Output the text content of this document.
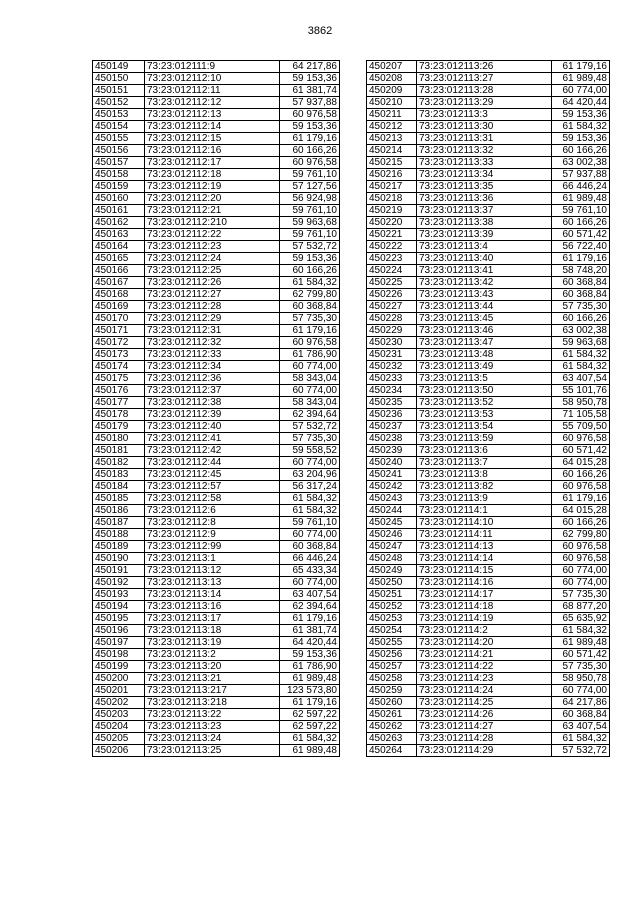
3862
450149	73:23:012111:9	64 217,86
450150	73:23:012112:10	59 153,36
450151	73:23:012112:11	61 381,74
450152	73:23:012112:12	57 937,88
450153	73:23:012112:13	60 976,58
450154	73:23:012112:14	59 153,36
450155	73:23:012112:15	61 179,16
450156	73:23:012112:16	60 166,26
450157	73:23:012112:17	60 976,58
450158	73:23:012112:18	59 761,10
450159	73:23:012112:19	57 127,56
450160	73:23:012112:20	56 924,98
450161	73:23:012112:21	59 761,10
450162	73:23:012112:210	59 963,68
450163	73:23:012112:22	59 761,10
450164	73:23:012112:23	57 532,72
450165	73:23:012112:24	59 153,36
450166	73:23:012112:25	60 166,26
450167	73:23:012112:26	61 584,32
450168	73:23:012112:27	62 799,80
450169	73:23:012112:28	60 368,84
450170	73:23:012112:29	57 735,30
450171	73:23:012112:31	61 179,16
450172	73:23:012112:32	60 976,58
450173	73:23:012112:33	61 786,90
450174	73:23:012112:34	60 774,00
450175	73:23:012112:36	58 343,04
450176	73:23:012112:37	60 774,00
450177	73:23:012112:38	58 343,04
450178	73:23:012112:39	62 394,64
450179	73:23:012112:40	57 532,72
450180	73:23:012112:41	57 735,30
450181	73:23:012112:42	59 558,52
450182	73:23:012112:44	60 774,00
450183	73:23:012112:45	63 204,96
450184	73:23:012112:57	56 317,24
450185	73:23:012112:58	61 584,32
450186	73:23:012112:6	61 584,32
450187	73:23:012112:8	59 761,10
450188	73:23:012112:9	60 774,00
450189	73:23:012112:99	60 368,84
450190	73:23:012113:1	66 446,24
450191	73:23:012113:12	65 433,34
450192	73:23:012113:13	60 774,00
450193	73:23:012113:14	63 407,54
450194	73:23:012113:16	62 394,64
450195	73:23:012113:17	61 179,16
450196	73:23:012113:18	61 381,74
450197	73:23:012113:19	64 420,44
450198	73:23:012113:2	59 153,36
450199	73:23:012113:20	61 786,90
450200	73:23:012113:21	61 989,48
450201	73:23:012113:217	123 573,80
450202	73:23:012113:218	61 179,16
450203	73:23:012113:22	62 597,22
450204	73:23:012113:23	62 597,22
450205	73:23:012113:24	61 584,32
450206	73:23:012113:25	61 989,48
450207	73:23:012113:26	61 179,16
450208	73:23:012113:27	61 989,48
450209	73:23:012113:28	60 774,00
450210	73:23:012113:29	64 420,44
450211	73:23:012113:3	59 153,36
450212	73:23:012113:30	61 584,32
450213	73:23:012113:31	59 153,36
450214	73:23:012113:32	60 166,26
450215	73:23:012113:33	63 002,38
450216	73:23:012113:34	57 937,88
450217	73:23:012113:35	66 446,24
450218	73:23:012113:36	61 989,48
450219	73:23:012113:37	59 761,10
450220	73:23:012113:38	60 166,26
450221	73:23:012113:39	60 571,42
450222	73:23:012113:4	56 722,40
450223	73:23:012113:40	61 179,16
450224	73:23:012113:41	58 748,20
450225	73:23:012113:42	60 368,84
450226	73:23:012113:43	60 368,84
450227	73:23:012113:44	57 735,30
450228	73:23:012113:45	60 166,26
450229	73:23:012113:46	63 002,38
450230	73:23:012113:47	59 963,68
450231	73:23:012113:48	61 584,32
450232	73:23:012113:49	61 584,32
450233	73:23:012113:5	63 407,54
450234	73:23:012113:50	55 101,76
450235	73:23:012113:52	58 950,78
450236	73:23:012113:53	71 105,58
450237	73:23:012113:54	55 709,50
450238	73:23:012113:59	60 976,58
450239	73:23:012113:6	60 571,42
450240	73:23:012113:7	64 015,28
450241	73:23:012113:8	60 166,26
450242	73:23:012113:82	60 976,58
450243	73:23:012113:9	61 179,16
450244	73:23:012114:1	64 015,28
450245	73:23:012114:10	60 166,26
450246	73:23:012114:11	62 799,80
450247	73:23:012114:13	60 976,58
450248	73:23:012114:14	60 976,58
450249	73:23:012114:15	60 774,00
450250	73:23:012114:16	60 774,00
450251	73:23:012114:17	57 735,30
450252	73:23:012114:18	68 877,20
450253	73:23:012114:19	65 635,92
450254	73:23:012114:2	61 584,32
450255	73:23:012114:20	61 989,48
450256	73:23:012114:21	60 571,42
450257	73:23:012114:22	57 735,30
450258	73:23:012114:23	58 950,78
450259	73:23:012114:24	60 774,00
450260	73:23:012114:25	64 217,86
450261	73:23:012114:26	60 368,84
450262	73:23:012114:27	63 407,54
450263	73:23:012114:28	61 584,32
450264	73:23:012114:29	57 532,72
